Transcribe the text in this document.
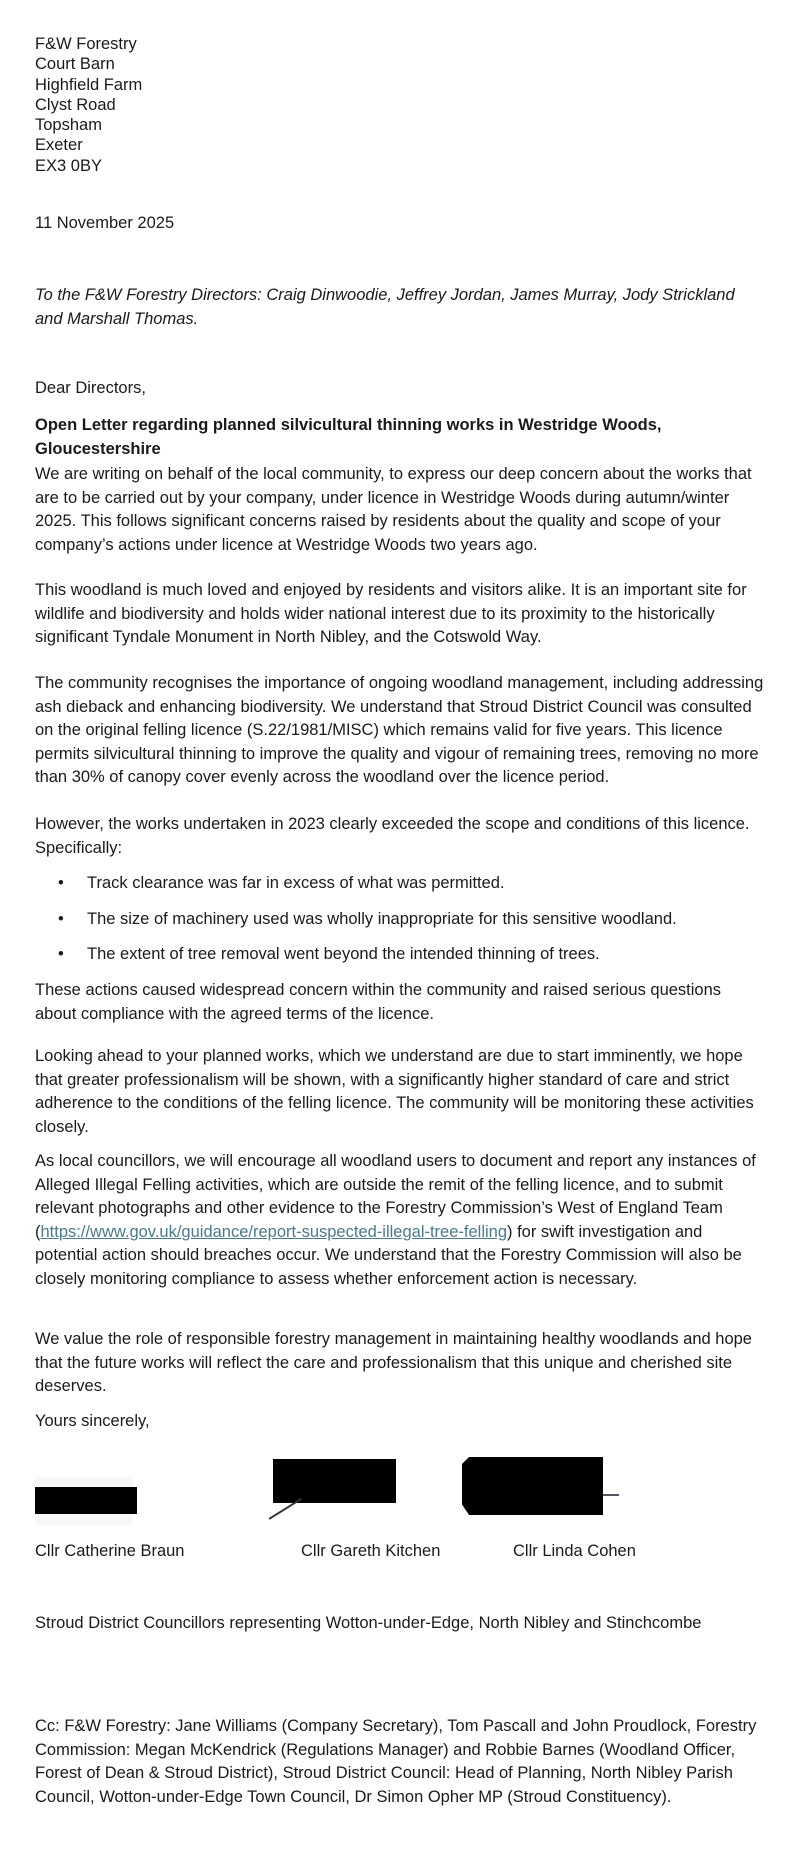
F&W Forestry
Court Barn
Highfield Farm
Clyst Road
Topsham
Exeter
EX3 0BY
11 November 2025
To the F&W Forestry Directors: Craig Dinwoodie, Jeffrey Jordan, James Murray, Jody Strickland and Marshall Thomas.
Dear Directors,
Open Letter regarding planned silvicultural thinning works in Westridge Woods, Gloucestershire
We are writing on behalf of the local community, to express our deep concern about the works that are to be carried out by your company, under licence in Westridge Woods during autumn/winter 2025. This follows significant concerns raised by residents about the quality and scope of your company’s actions under licence at Westridge Woods two years ago.
This woodland is much loved and enjoyed by residents and visitors alike. It is an important site for wildlife and biodiversity and holds wider national interest due to its proximity to the historically significant Tyndale Monument in North Nibley, and the Cotswold Way.
The community recognises the importance of ongoing woodland management, including addressing ash dieback and enhancing biodiversity. We understand that Stroud District Council was consulted on the original felling licence (S.22/1981/MISC) which remains valid for five years. This licence permits silvicultural thinning to improve the quality and vigour of remaining trees, removing no more than 30% of canopy cover evenly across the woodland over the licence period.
However, the works undertaken in 2023 clearly exceeded the scope and conditions of this licence. Specifically:
• Track clearance was far in excess of what was permitted.
• The size of machinery used was wholly inappropriate for this sensitive woodland.
• The extent of tree removal went beyond the intended thinning of trees.
These actions caused widespread concern within the community and raised serious questions about compliance with the agreed terms of the licence.
Looking ahead to your planned works, which we understand are due to start imminently, we hope that greater professionalism will be shown, with a significantly higher standard of care and strict adherence to the conditions of the felling licence. The community will be monitoring these activities closely.
As local councillors, we will encourage all woodland users to document and report any instances of Alleged Illegal Felling activities, which are outside the remit of the felling licence, and to submit relevant photographs and other evidence to the Forestry Commission’s West of England Team (https://www.gov.uk/guidance/report-suspected-illegal-tree-felling) for swift investigation and potential action should breaches occur. We understand that the Forestry Commission will also be closely monitoring compliance to assess whether enforcement action is necessary.
We value the role of responsible forestry management in maintaining healthy woodlands and hope that the future works will reflect the care and professionalism that this unique and cherished site deserves.
Yours sincerely,
Cllr Catherine Braun	Cllr Gareth Kitchen	Cllr Linda Cohen
Stroud District Councillors representing Wotton-under-Edge, North Nibley and Stinchcombe
Cc: F&W Forestry: Jane Williams (Company Secretary), Tom Pascall and John Proudlock, Forestry Commission: Megan McKendrick (Regulations Manager) and Robbie Barnes (Woodland Officer, Forest of Dean & Stroud District), Stroud District Council: Head of Planning, North Nibley Parish Council, Wotton-under-Edge Town Council, Dr Simon Opher MP (Stroud Constituency).
